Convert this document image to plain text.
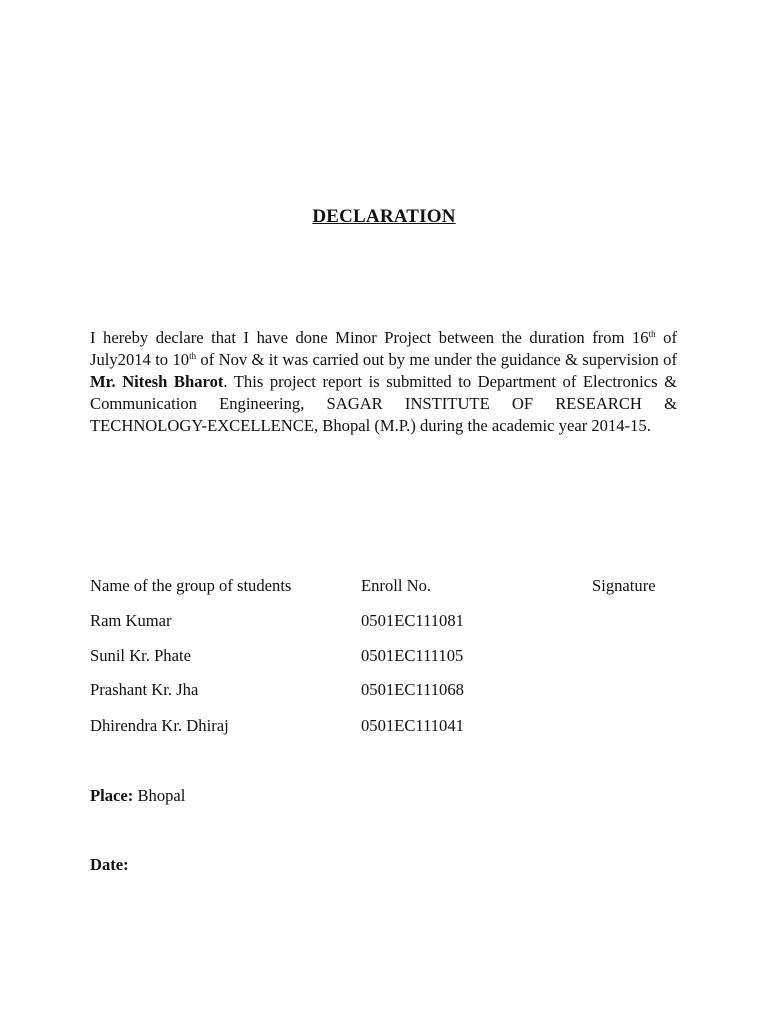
DECLARATION
I hereby declare that I have done Minor Project between the duration from 16th of July2014 to 10th of Nov & it was carried out by me under the guidance & supervision of Mr. Nitesh Bharot. This project report is submitted to Department of Electronics & Communication Engineering, SAGAR INSTITUTE OF RESEARCH & TECHNOLOGY-EXCELLENCE, Bhopal (M.P.) during the academic year 2014-15.
Name of the group of students	Enroll No.	Signature
Ram Kumar	0501EC111081
Sunil Kr. Phate	0501EC111105
Prashant Kr. Jha	0501EC111068
Dhirendra Kr. Dhiraj	0501EC111041
Place: Bhopal
Date:
